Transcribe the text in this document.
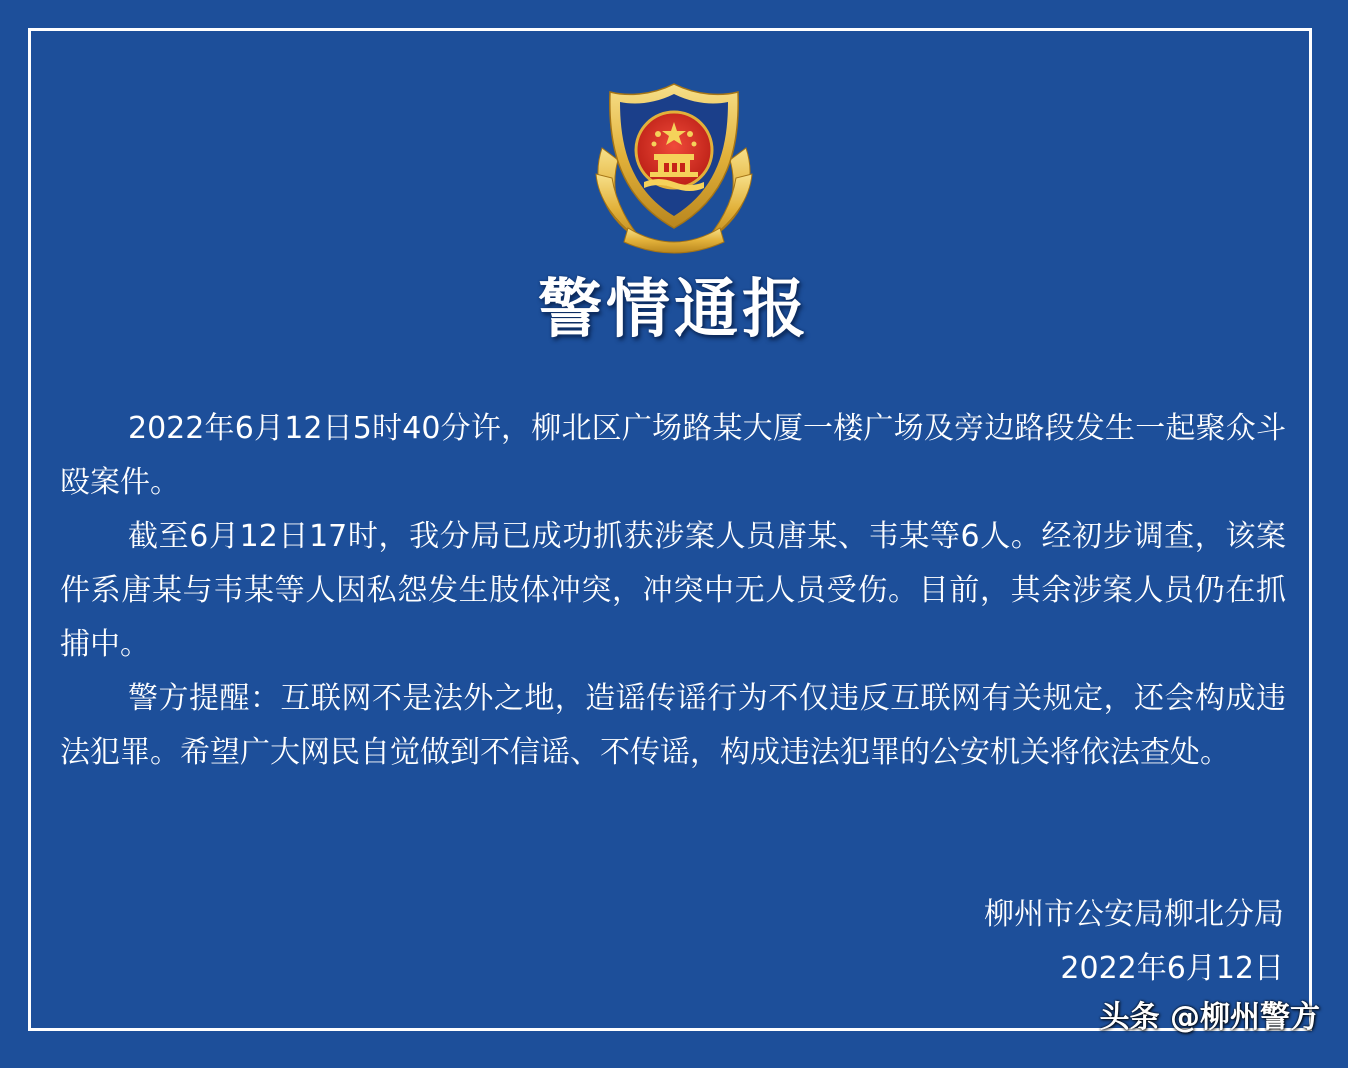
警情通报

2022年6月12日5时40分许，柳北区广场路某大厦一楼广场及旁边路段发生一起聚众斗殴案件。

截至6月12日17时，我分局已成功抓获涉案人员唐某、韦某等6人。经初步调查，该案件系唐某与韦某等人因私怨发生肢体冲突，冲突中无人员受伤。目前，其余涉案人员仍在抓捕中。

警方提醒：互联网不是法外之地，造谣传谣行为不仅违反互联网有关规定，还会构成违法犯罪。希望广大网民自觉做到不信谣、不传谣，构成违法犯罪的公安机关将依法查处。

柳州市公安局柳北分局
2022年6月12日
头条 @柳州警方
